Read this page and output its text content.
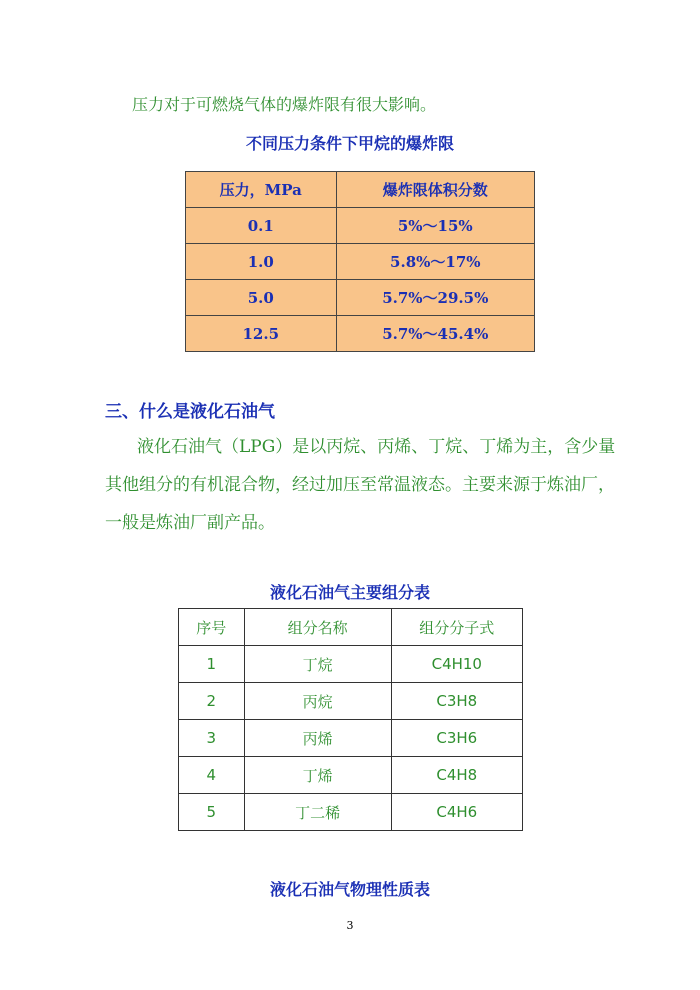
压力对于可燃烧气体的爆炸限有很大影响。
不同压力条件下甲烷的爆炸限
压力，MPa	爆炸限体积分数
0.1	5%～15%
1.0	5.8%～17%
5.0	5.7%～29.5%
12.5	5.7%～45.4%
三、什么是液化石油气
液化石油气（LPG）是以丙烷、丙烯、丁烷、丁烯为主，含少量
其他组分的有机混合物，经过加压至常温液态。主要来源于炼油厂，
一般是炼油厂副产品。
液化石油气主要组分表
序号	组分名称	组分分子式
1	丁烷	C4H10
2	丙烷	C3H8
3	丙烯	C3H6
4	丁烯	C4H8
5	丁二稀	C4H6
液化石油气物理性质表
3
